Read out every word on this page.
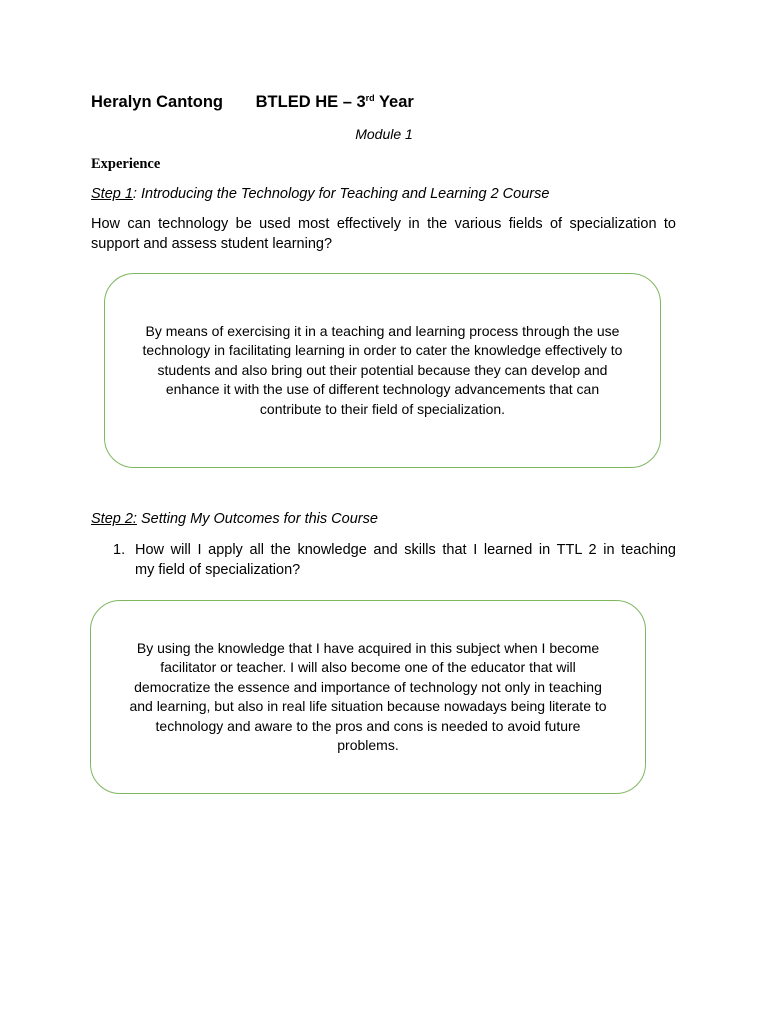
Heralyn Cantong BTLED HE – 3rd Year
Module 1
Experience
Step 1: Introducing the Technology for Teaching and Learning 2 Course
How can technology be used most effectively in the various fields of specialization to
support and assess student learning?
By means of exercising it in a teaching and learning process through the use
technology in facilitating learning in order to cater the knowledge effectively to
students and also bring out their potential because they can develop and
enhance it with the use of different technology advancements that can
contribute to their field of specialization.
Step 2: Setting My Outcomes for this Course
1. How will I apply all the knowledge and skills that I learned in TTL 2 in teaching
my field of specialization?
By using the knowledge that I have acquired in this subject when I become
facilitator or teacher. I will also become one of the educator that will
democratize the essence and importance of technology not only in teaching
and learning, but also in real life situation because nowadays being literate to
technology and aware to the pros and cons is needed to avoid future
problems.
